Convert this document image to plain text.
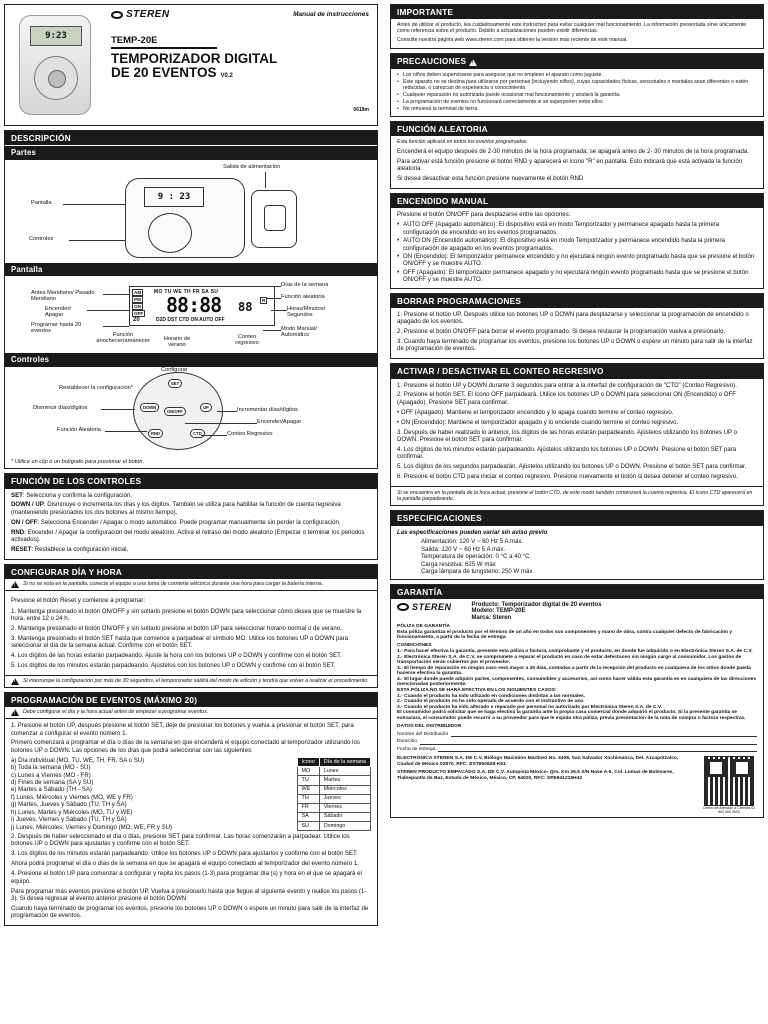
9:23
STEREN	Manual de instrucciones
TEMP-20E
TEMPORIZADOR DIGITAL
DE 20 EVENTOS V0.2
0618m
DESCRIPCIÓN
Partes
Salida de alimentación
Pantalla
Controles
9 : 23
Pantalla
AM
PM
ON
OFF
20
MO TU WE TH FR SA SU
88:88 88	R
D2D DST CTD ON AUTO OFF
Antes Meridiano/ Pasado Meridiano
Encender/ Apagar
Programar hasta 20 eventos
Función anochecer/amanecer	Horario de verano
Conteo regresivo
Días de la semana
Función aleatoria
Horas/Minutos/ Segundos
Modo Manual/ Automático
Controles
SET
DOWN	UP
ON/OFF
RND	CTD
Configurar
Restablecer la configuración*
Disminuir días/dígitos
Función Aleatoria
Incrementar días/dígitos
Encender/Apagar
Conteo Regresivo
* Utilice un clip o un bolígrafo para presionar el botón.
FUNCIÓN DE LOS CONTROLES

SET: Selecciona y confirma la configuración.

DOWN / UP: Disminuye o incrementa los días y los dígitos. También se utiliza para habilitar la función de cuenta regresiva (manteniendo presionados los dos botones al mismo tiempo).

ON / OFF: Selecciona Encender / Apagar o modo automático. Puede programar manualmente sin perder la configuración.

RND: Encender / Apagar la configuración del modo aleatorio. Activa el retraso del modo aleatorio (Empezar o terminar los periodos activados).

RESET: Restablece la configuración inicial.

CONFIGURAR DÍA Y HORA
!
Si no se nota en la pantalla, conecte el equipo a una toma de corriente eléctrica durante una hora para cargar la batería interna.

Presione el botón Reset y comience a programar:

1. Mantenga presionado el botón ON/OFF y sin soltarlo presione el botón DOWN para seleccionar cómo desea que se muestre la hora, entre 12 o 24 h.

2. Mantenga presionado el botón ON/OFF y sin soltarlo presione el botón UP para seleccionar horario normal o de verano.

3. Mantenga presionado el botón SET hasta que comience a parpadear el símbolo MO. Utilice los botones UP o DOWN para seleccionar el día de la semana actual. Confirme con el botón SET.

4. Los dígitos de las horas estarán parpadeando. Ajuste la hora con los botones UP o DOWN y confirme con el botón SET.

5. Los dígitos de los minutos estarán parpadeando. Ajústelos con los botones UP o DOWN y confirme con el botón SET.

!
Si interrumpe la configuración por más de 30 segundos, el temporizador saldrá del modo de edición y tendrá que volver a realizar el procedimiento.
PROGRAMACIÓN DE EVENTOS (MÁXIMO 20)
!
Debe configurar el día y la hora actual antes de empezar a programar eventos.

1. Presione el botón UP, después presione el botón SET, deje de presionar los botones y vuelva a presionar el botón SET, para comenzar a configurar el evento número 1.

Primero comenzará a programar el día o días de la semana en que encenderá el equipo conectado al temporizador utilizando los botones UP o DOWN. Las opciones de los días que podrá seleccionar son las siguientes:

a) Día individual (MO, TU, WE, TH, FR, SA o SU)
b) Toda la semana (MO - SU)
c) Lunes a Viernes (MO - FR)
d) Fines de semana (SA y SU)
e) Martes a Sábado (TH - SA)
f) Lunes, Miércoles y Viernes (MO, WE y FR)
g) Martes, Jueves y Sábado (TU, TH y SA)
h) Lunes, Martes y Miércoles (MO, TU y WE)
i) Jueves, Viernes y Sábado (TU, TH y SA)
j) Lunes, Miércoles, Viernes y Domingo (MO, WE, FR y SU)
Icono	Día de la semana
MO	Lunes
TU	Martes
WE	Miércoles
TH	Jueves
FR	Viernes
SA	Sábado
SU	Domingo

2. Después de haber seleccionado el día o días, presione SET para confirmar. Las horas comenzarán a parpadear. Utilice los botones UP o DOWN para ajustarlas y confirme con el botón SET.

3. Los dígitos de los minutos estarán parpadeando. Utilice los botones UP o DOWN para ajustarlos y confirme con el botón SET.

Ahora podrá programar el día o días de la semana en que se apagará el equipo conectado al temporizador del evento número 1.

4. Presione el botón UP para comenzar a configurar y repita los pasos (1-3) para programar día (s) y hora en el que se apagará el equipo.

Para programar más eventos presione el botón UP. Vuelva a presionarlo hasta que llegue al siguiente evento y realice los pasos (1-3). Si desea regresar al evento anterior presione el botón DOWN.

Cuando haya terminado de programar los eventos, presione los botones UP o DOWN o espere un minuto para salir de la interfaz de programación de eventos.

IMPORTANTE

Antes de utilizar el producto, lea cuidadosamente este instructivo para evitar cualquier mal funcionamiento. La información presentada sirve únicamente como referencia sobre el producto. Debido a actualizaciones pueden existir diferencias.

Consulte nuestra página web www.steren.com para obtener la versión más reciente de este manual.

PRECAUCIONES !
• Los niños deben supervisarse para asegurar que no empleen el aparato como juguete.
• Este aparato no se destina para utilizarse por personas (incluyendo niños), cuyas capacidades físicas, sensoriales o mentales sean diferentes o estén reducidas, o carezcan de experiencia o conocimiento.
• Cualquier reparación no autorizada puede ocasionar mal funcionamiento y anulará la garantía.
• La programación de eventos no funcionará correctamente si se superponen entre ellos.
• No remueva la terminal de tierra.
FUNCIÓN ALEATORIA

Esta función aplicará en todos los eventos programados.

Encenderá el equipo después de 2-30 minutos de la hora programada; se apagará antes de 2- 30 minutos de la hora programada.

Para activar está función presione el botón RND y aparecerá el ícono "R" en pantalla. Esto indicará que está activada la función aleatoria.

Si desea desactivar esta función presione nuevamente el botón RND

ENCENDIDO MANUAL

Presione el botón ON/OFF para desplazarse entre las opciones:

• AUTO OFF (Apagado automático): El dispositivo está en modo Temporizador y permanece apagado hasta la primera configuración de encendido en los eventos programados.
• AUTO ON (Encendido automático): El dispositivo está en modo Temporizador y permanece encendido hasta la primera configuración de apagado en los eventos programados.
• ON (Encendido): El temporizador permanece encendido y no ejecutará ningún evento programado hasta que se presione el botón ON/OFF y se muestre AUTO.
• OFF (Apagado): El temporizador permanece apagado y no ejecutará ningún evento programado hasta que se presione el botón ON/OFF y se muestre AUTO.
BORRAR PROGRAMACIONES

1. Presione el botón UP. Después utilice los botones UP o DOWN para desplazarse y seleccionar la programación de encendido o apagado de los eventos.

2. Presione el botón ON/OFF para borrar el evento programado. Si desea restaurar la programación vuelva a presionarlo.

3. Cuando haya terminado de programar los eventos, presione los botones UP o DOWN o espere un minuto para salir de la interfaz de programación de eventos.

ACTIVAR / DESACTIVAR EL CONTEO REGRESIVO

1. Presione el botón UP y DOWN durante 3 segundos para entrar a la interfaz de configuración de "CTD" (Conteo Regresivo).

2. Presione el botón SET. El ícono OFF parpadeará. Utilice los botones UP o DOWN para seleccionar ON (Encendido) o OFF (Apagado). Presione SET para confirmar.

• OFF (Apagado): Mantiene el temporizador encendido y lo apaga cuando termine el conteo regresivo.

• ON (Encendido): Mantiene el temporizador apagado y lo enciende cuando termine el conteo regresivo.

3. Después de haber realizado lo anterior, los dígitos de las horas estarán parpadeando. Ajústelos utilizando los botones UP o DOWN. Presione el botón SET para confirmar.

4. Los dígitos de los minutos estarán parpadeando. Ajústelos utilizando los botones UP o DOWN. Presione el botón SET para confirmar.

5. Los dígitos de los segundos parpadearán. Ajústelos utilizando los botones UP o DOWN. Presione el botón SET para confirmar.

6. Presione el botón CTD para iniciar el conteo regresivo. Presione nuevamente el botón si desea detener el conteo regresivo.

Si se encuentra en la pantalla de la hora actual, presione el botón CTD, de este modo también comenzará la cuenta regresiva. El ícono CTD aparecerá en la pantalla parpadeando.
ESPECIFICACIONES

Las especificaciones pueden variar sin aviso previo

Alimentación: 120 V ~ 60 Hz 5 A máx.
Salida: 120 V ~ 60 Hz 5 A máx.
Temperatura de operación: 0 °C a 40 °C
Carga resistiva: 625 W máx
Carga lámpara de tungsteno: 250 W máx
GARANTÍA
STEREN	Producto: Temporizador digital de 20 eventos
Modelo: TEMP-20E
Marca: Steren
PÓLIZA DE GARANTÍA

Esta póliza garantiza el producto por el término de un año en todos sus componentes y mano de obra, contra cualquier defecto de fabricación y funcionamiento, a partir de la fecha de entrega.

CONDICIONES
1.- Para hacer efectiva la garantía, presente esta póliza o factura, comprobante y el producto, en donde fue adquirido o en Electrónica Steren S.A. de C.V.
2.- Electrónica Steren S.A. de C.V. se compromete a reparar el producto en caso de estar defectuoso sin ningún cargo al consumidor. Los gastos de transportación serán cubiertos por el proveedor.
3.- El tiempo de reparación en ningún caso será mayor a 30 días, contados a partir de la recepción del producto en cualquiera de los sitios donde pueda hacerse efectiva la garantía.
4.- El lugar donde puede adquirir partes, componentes, consumibles y accesorios, así como hacer válida esta garantía es en cualquiera de las direcciones mencionadas posteriormente.
ESTA PÓLIZA NO SE HARÁ EFECTIVA EN LOS SIGUIENTES CASOS:
1.- Cuando el producto ha sido utilizado en condiciones distintas a las normales.
2.- Cuando el producto no ha sido operado de acuerdo con el instructivo de uso.
3.- Cuando el producto ha sido alterado o reparado por personal no autorizado por Electrónica Steren S.A. de C.V.

El consumidor podrá solicitar que se haga efectiva la garantía ante la propia casa comercial donde adquirió el producto. Si la presente garantía se extraviara, el consumidor puede recurrir a su proveedor para que le expida otra póliza, previa presentación de la nota de compra o factura respectiva.

DATOS DEL DISTRIBUIDOR
Nombre del Distribuidor
Domicilio
Fecha de entrega

ELECTRÓNICA STEREN S.A. DE C.V. Biólogo Maximino Martínez No. 3408, San Salvador Xochimanca, Del. Azcapotzalco, Ciudad de México 02870, RFC: EST850628-K51

STEREN PRODUCTO EMPACADO S.A. DE C.V. Autopista México- Qro. Km 26.5 S/N Nave A-5, Col. Lomas de Bulevares, Tlalnepantla de Baz, Estado de México, México, CP. 54020, RFC: SPE941215H43

Centro de Atención a Clientes 01 800 500 9000
